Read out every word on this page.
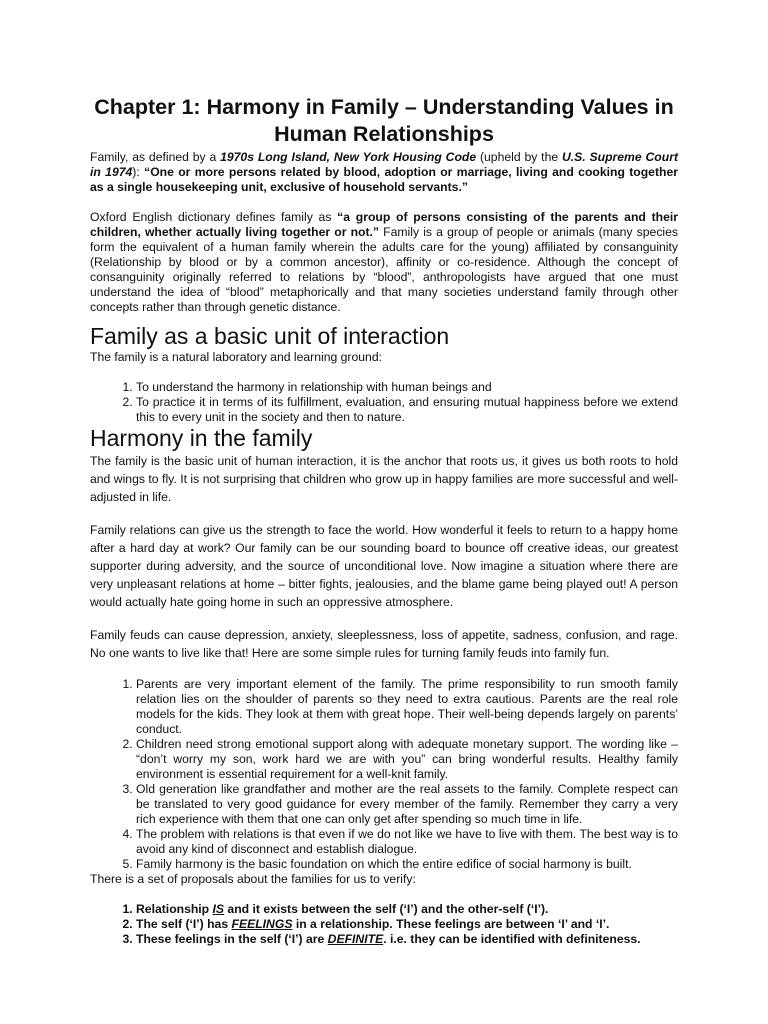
Chapter 1: Harmony in Family – Understanding Values in Human Relationships

Family, as defined by a 1970s Long Island, New York Housing Code (upheld by the U.S. Supreme Court in 1974): “One or more persons related by blood, adoption or marriage, living and cooking together as a single housekeeping unit, exclusive of household servants.”

Oxford English dictionary defines family as “a group of persons consisting of the parents and their children, whether actually living together or not.” Family is a group of people or animals (many species form the equivalent of a human family wherein the adults care for the young) affiliated by consanguinity (Relationship by blood or by a common ancestor), affinity or co-residence. Although the concept of consanguinity originally referred to relations by “blood”, anthropologists have argued that one must understand the idea of “blood” metaphorically and that many societies understand family through other concepts rather than through genetic distance.

Family as a basic unit of interaction

The family is a natural laboratory and learning ground:

1. To understand the harmony in relationship with human beings and
2. To practice it in terms of its fulfillment, evaluation, and ensuring mutual happiness before we extend this to every unit in the society and then to nature.
Harmony in the family

The family is the basic unit of human interaction, it is the anchor that roots us, it gives us both roots to hold and wings to fly. It is not surprising that children who grow up in happy families are more successful and well-adjusted in life.

Family relations can give us the strength to face the world. How wonderful it feels to return to a happy home after a hard day at work? Our family can be our sounding board to bounce off creative ideas, our greatest supporter during adversity, and the source of unconditional love. Now imagine a situation where there are very unpleasant relations at home – bitter fights, jealousies, and the blame game being played out! A person would actually hate going home in such an oppressive atmosphere.

Family feuds can cause depression, anxiety, sleeplessness, loss of appetite, sadness, confusion, and rage. No one wants to live like that! Here are some simple rules for turning family feuds into family fun.

1. Parents are very important element of the family. The prime responsibility to run smooth family relation lies on the shoulder of parents so they need to extra cautious. Parents are the real role models for the kids. They look at them with great hope. Their well-being depends largely on parents’ conduct.
2. Children need strong emotional support along with adequate monetary support. The wording like – “don’t worry my son, work hard we are with you” can bring wonderful results. Healthy family environment is essential requirement for a well-knit family.
3. Old generation like grandfather and mother are the real assets to the family. Complete respect can be translated to very good guidance for every member of the family. Remember they carry a very rich experience with them that one can only get after spending so much time in life.
4. The problem with relations is that even if we do not like we have to live with them. The best way is to avoid any kind of disconnect and establish dialogue.
5. Family harmony is the basic foundation on which the entire edifice of social harmony is built.

There is a set of proposals about the families for us to verify:

1. Relationship IS and it exists between the self (‘I’) and the other-self (‘I’).
2. The self (‘I’) has FEELINGS in a relationship. These feelings are between ‘I’ and ‘I’.
3. These feelings in the self (‘I’) are DEFINITE. i.e. they can be identified with definiteness.
